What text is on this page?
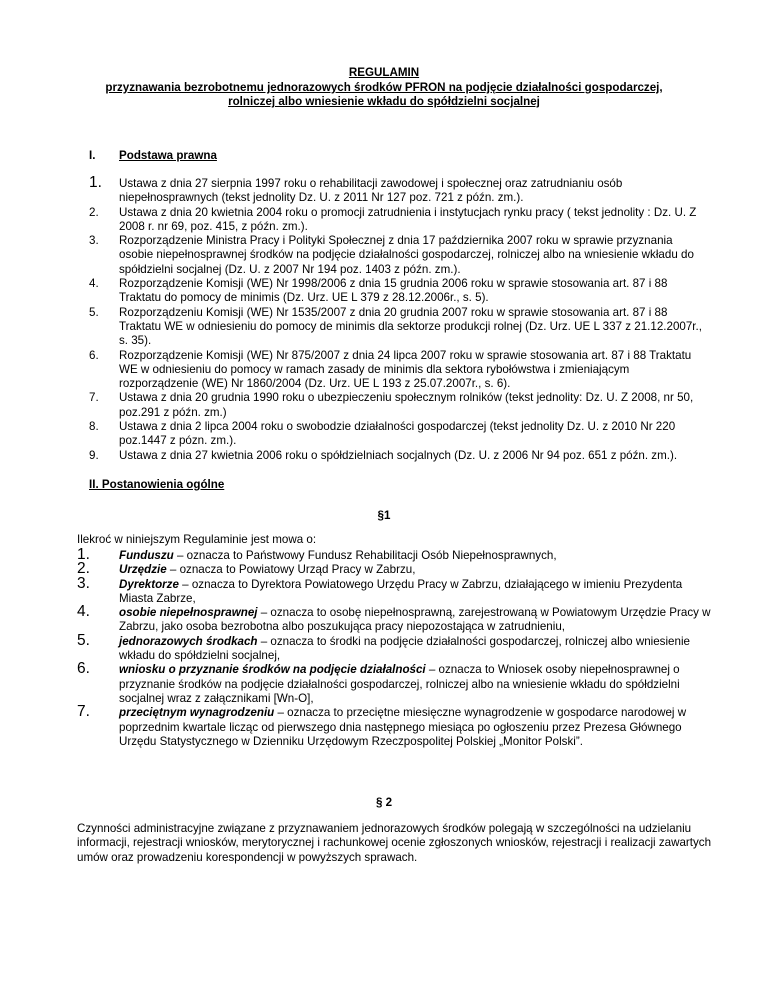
REGULAMIN
przyznawania bezrobotnemu jednorazowych środków PFRON na podjęcie działalności gospodarczej,
rolniczej albo wniesienie wkładu do spółdzielni socjalnej
I. Podstawa prawna
1. Ustawa z dnia 27 sierpnia 1997 roku o rehabilitacji zawodowej i społecznej oraz zatrudnianiu osób niepełnosprawnych (tekst jednolity Dz. U. z 2011 Nr 127 poz. 721 z późn. zm.).
2. Ustawa z dnia 20 kwietnia 2004 roku o promocji zatrudnienia i instytucjach rynku pracy ( tekst jednolity : Dz. U. Z 2008 r. nr 69, poz. 415, z późn. zm.).
3. Rozporządzenie Ministra Pracy i Polityki Społecznej z dnia 17 października 2007 roku w sprawie przyznania osobie niepełnosprawnej środków na podjęcie działalności gospodarczej, rolniczej albo na wniesienie wkładu do spółdzielni socjalnej (Dz. U. z 2007 Nr 194 poz. 1403 z późn. zm.).
4. Rozporządzenie Komisji (WE) Nr 1998/2006 z dnia 15 grudnia 2006 roku w sprawie stosowania art. 87 i 88 Traktatu do pomocy de minimis (Dz. Urz. UE L 379 z 28.12.2006r., s. 5).
5. Rozporządzeniu Komisji (WE) Nr 1535/2007 z dnia 20 grudnia 2007 roku w sprawie stosowania art. 87 i 88 Traktatu WE w odniesieniu do pomocy de minimis dla sektorze produkcji rolnej (Dz. Urz. UE L 337 z 21.12.2007r., s. 35).
6. Rozporządzenie Komisji (WE) Nr 875/2007 z dnia 24 lipca 2007 roku w sprawie stosowania art. 87 i 88 Traktatu WE w odniesieniu do pomocy w ramach zasady de minimis dla sektora rybołówstwa i zmieniającym rozporządzenie (WE) Nr 1860/2004 (Dz. Urz. UE L 193 z 25.07.2007r., s. 6).
7. Ustawa z dnia 20 grudnia 1990 roku o ubezpieczeniu społecznym rolników (tekst jednolity: Dz. U. Z 2008, nr 50, poz.291 z późn. zm.)
8. Ustawa z dnia 2 lipca 2004 roku o swobodzie działalności gospodarczej (tekst jednolity Dz. U. z 2010 Nr 220 poz.1447 z pózn. zm.).
9. Ustawa z dnia 27 kwietnia 2006 roku o spółdzielniach socjalnych (Dz. U. z 2006 Nr 94 poz. 651 z późn. zm.).
II. Postanowienia ogólne
§1
Ilekroć w niniejszym Regulaminie jest mowa o:
1.	Funduszu – oznacza to Państwowy Fundusz Rehabilitacji Osób Niepełnosprawnych,
2.	Urzędzie – oznacza to Powiatowy Urząd Pracy w Zabrzu,
3.	Dyrektorze – oznacza to Dyrektora Powiatowego Urzędu Pracy w Zabrzu, działającego w imieniu Prezydenta Miasta Zabrze,
4.	osobie niepełnosprawnej – oznacza to osobę niepełnosprawną, zarejestrowaną w Powiatowym Urzędzie Pracy w Zabrzu, jako osoba bezrobotna albo poszukująca pracy niepozostająca w zatrudnieniu,
5.	jednorazowych środkach – oznacza to środki na podjęcie działalności gospodarczej, rolniczej albo wniesienie wkładu do spółdzielni socjalnej,
6.	wniosku o przyznanie środków na podjęcie działalności – oznacza to Wniosek osoby niepełnosprawnej o przyznanie środków na podjęcie działalności gospodarczej, rolniczej albo na wniesienie wkładu do spółdzielni socjalnej wraz z załącznikami [Wn-O],
7.	przeciętnym wynagrodzeniu – oznacza to przeciętne miesięczne wynagrodzenie w gospodarce narodowej w poprzednim kwartale licząc od pierwszego dnia następnego miesiąca po ogłoszeniu przez Prezesa Głównego Urzędu Statystycznego w Dzienniku Urzędowym Rzeczpospolitej Polskiej „Monitor Polski”.
§ 2
Czynności administracyjne związane z przyznawaniem jednorazowych środków polegają w szczególności na udzielaniu informacji, rejestracji wniosków, merytorycznej i rachunkowej ocenie zgłoszonych wniosków, rejestracji i realizacji zawartych umów oraz prowadzeniu korespondencji w powyższych sprawach.
